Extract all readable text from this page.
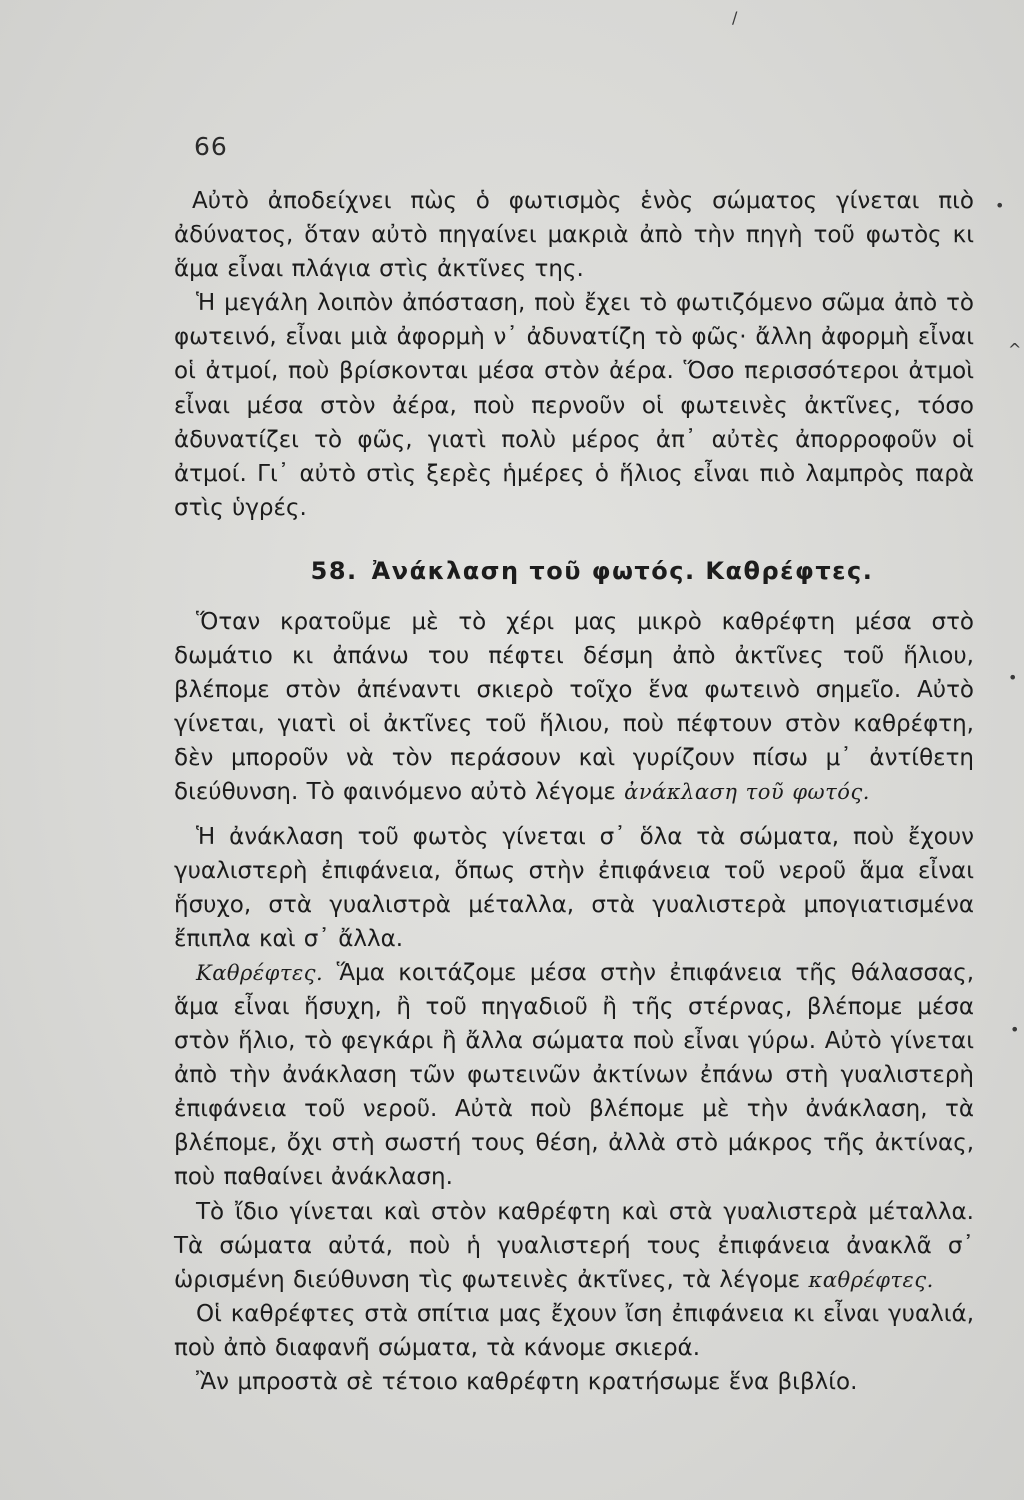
66

Αὐτὸ ἀποδείχνει πὼς ὁ φωτισμὸς ἑνὸς σώματος γίνεται πιὸ ἀδύνατος, ὅταν αὐτὸ πηγαίνει μακριὰ ἀπὸ τὴν πηγὴ τοῦ φωτὸς κι ἅμα εἶναι πλάγια στὶς ἀκτῖνες της.

Ἡ μεγάλη λοιπὸν ἀπόσταση, ποὺ ἔχει τὸ φωτιζόμενο σῶμα ἀπὸ τὸ φωτεινό, εἶναι μιὰ ἀφορμὴ ν᾽ ἀδυνατίζη τὸ φῶς· ἄλλη ἀφορμὴ εἶναι οἱ ἀτμοί, ποὺ βρίσκονται μέσα στὸν ἀέρα. Ὅσο περισσότεροι ἀτμοὶ εἶναι μέσα στὸν ἀέρα, ποὺ περνοῦν οἱ φωτεινὲς ἀκτῖνες, τόσο ἀδυνατίζει τὸ φῶς, γιατὶ πολὺ μέρος ἀπ᾽ αὐτὲς ἀπορροφοῦν οἱ ἀτμοί. Γι᾽ αὐτὸ στὶς ξερὲς ἡμέρες ὁ ἥλιος εἶναι πιὸ λαμπρὸς παρὰ στὶς ὑγρές.

58. Ἀνάκλαση τοῦ φωτός. Καθρέφτες.

Ὅταν κρατοῦμε μὲ τὸ χέρι μας μικρὸ καθρέφτη μέσα στὸ δωμάτιο κι ἀπάνω του πέφτει δέσμη ἀπὸ ἀκτῖνες τοῦ ἥλιου, βλέπομε στὸν ἀπέναντι σκιερὸ τοῖχο ἕνα φωτεινὸ σημεῖο. Αὐτὸ γίνεται, γιατὶ οἱ ἀκτῖνες τοῦ ἥλιου, ποὺ πέφτουν στὸν καθρέφτη, δὲν μποροῦν νὰ τὸν περάσουν καὶ γυρίζουν πίσω μ᾽ ἀντίθετη διεύθυνση. Τὸ φαινόμενο αὐτὸ λέγομε ἀνάκλαση τοῦ φωτός.

Ἡ ἀνάκλαση τοῦ φωτὸς γίνεται σ᾽ ὅλα τὰ σώματα, ποὺ ἔχουν γυαλιστερὴ ἐπιφάνεια, ὅπως στὴν ἐπιφάνεια τοῦ νεροῦ ἅμα εἶναι ἥσυχο, στὰ γυαλιστρὰ μέταλλα, στὰ γυαλιστερὰ μπογιατισμένα ἔπιπλα καὶ σ᾽ ἄλλα.

Καθρέφτες. Ἅμα κοιτάζομε μέσα στὴν ἐπιφάνεια τῆς θάλασσας, ἅμα εἶναι ἥσυχη, ἢ τοῦ πηγαδιοῦ ἢ τῆς στέρνας, βλέπομε μέσα στὸν ἥλιο, τὸ φεγκάρι ἢ ἄλλα σώματα ποὺ εἶναι γύρω. Αὐτὸ γίνεται ἀπὸ τὴν ἀνάκλαση τῶν φωτεινῶν ἀκτίνων ἐπάνω στὴ γυαλιστερὴ ἐπιφάνεια τοῦ νεροῦ. Αὐτὰ ποὺ βλέπομε μὲ τὴν ἀνάκλαση, τὰ βλέπομε, ὄχι στὴ σωστή τους θέση, ἀλλὰ στὸ μάκρος τῆς ἀκτίνας, ποὺ παθαίνει ἀνάκλαση.

Τὸ ἴδιο γίνεται καὶ στὸν καθρέφτη καὶ στὰ γυαλιστερὰ μέταλλα. Τὰ σώματα αὐτά, ποὺ ἡ γυαλιστερή τους ἐπιφάνεια ἀνακλᾶ σ᾽ ὡρισμένη διεύθυνση τὶς φωτεινὲς ἀκτῖνες, τὰ λέγομε καθρέφτες.

Οἱ καθρέφτες στὰ σπίτια μας ἔχουν ἴση ἐπιφάνεια κι εἶναι γυαλιά, ποὺ ἀπὸ διαφανῆ σώματα, τὰ κάνομε σκιερά.

Ἂν μπροστὰ σὲ τέτοιο καθρέφτη κρατήσωμε ἕνα βιβλίο.

/
•
^
•
•
